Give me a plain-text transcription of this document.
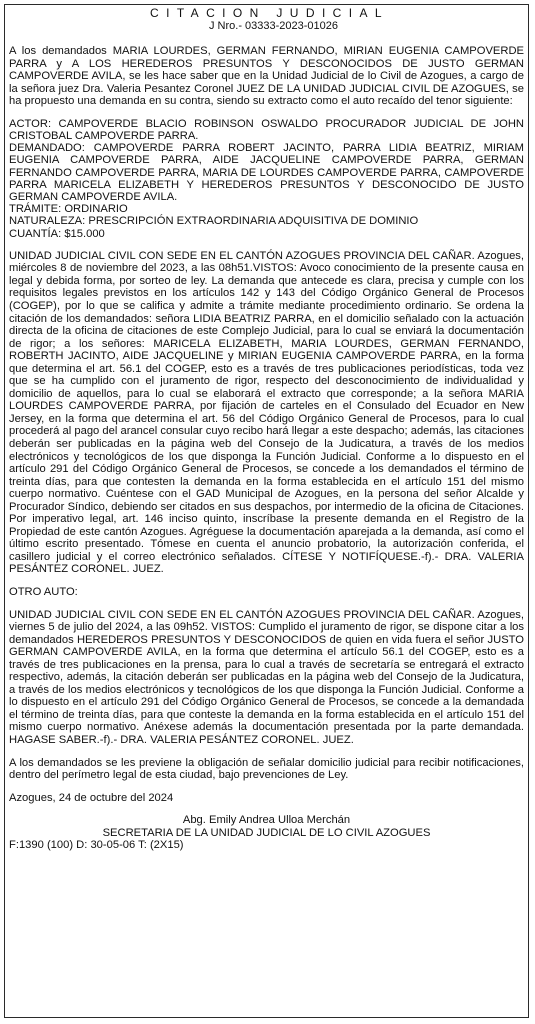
CITACION JUDICIAL

J Nro.- 03333-2023-01026

A los demandados MARIA LOURDES, GERMAN FERNANDO, MIRIAN EUGENIA CAMPOVERDE PARRA y A LOS HEREDEROS PRESUNTOS Y DESCONOCIDOS DE JUSTO GERMAN CAMPOVERDE AVILA, se les hace saber que en la Unidad Judicial de lo Civil de Azogues, a cargo de la señora juez Dra. Valeria Pesantez Coronel JUEZ DE LA UNIDAD JUDICIAL CIVIL DE AZOGUES, se ha propuesto una demanda en su contra, siendo su extracto como el auto recaído del tenor siguiente:

ACTOR: CAMPOVERDE BLACIO ROBINSON OSWALDO PROCURADOR JUDICIAL DE JOHN CRISTOBAL CAMPOVERDE PARRA.

DEMANDADO: CAMPOVERDE PARRA ROBERT JACINTO, PARRA LIDIA BEATRIZ, MIRIAM EUGENIA CAMPOVERDE PARRA, AIDE JACQUELINE CAMPOVERDE PARRA, GERMAN FERNANDO CAMPOVERDE PARRA, MARIA DE LOURDES CAMPOVERDE PARRA, CAMPOVERDE PARRA MARICELA ELIZABETH Y HEREDEROS PRESUNTOS Y DESCONOCIDO DE JUSTO GERMAN CAMPOVERDE AVILA.

TRÁMITE: ORDINARIO

NATURALEZA: PRESCRIPCIÓN EXTRAORDINARIA ADQUISITIVA DE DOMINIO

CUANTÍA: $15.000

UNIDAD JUDICIAL CIVIL CON SEDE EN EL CANTÓN AZOGUES PROVINCIA DEL CAÑAR. Azogues, miércoles 8 de noviembre del 2023, a las 08h51.VISTOS: Avoco conocimiento de la presente causa en legal y debida forma, por sorteo de ley. La demanda que antecede es clara, precisa y cumple con los requisitos legales previstos en los artículos 142 y 143 del Código Orgánico General de Procesos (COGEP), por lo que se califica y admite a trámite mediante procedimiento ordinario. Se ordena la citación de los demandados: señora LIDIA BEATRIZ PARRA, en el domicilio señalado con la actuación directa de la oficina de citaciones de este Complejo Judicial, para lo cual se enviará la documentación de rigor; a los señores: MARICELA ELIZABETH, MARIA LOURDES, GERMAN FERNANDO, ROBERTH JACINTO, AIDE JACQUELINE y MIRIAN EUGENIA CAMPOVERDE PARRA, en la forma que determina el art. 56.1 del COGEP, esto es a través de tres publicaciones periodísticas, toda vez que se ha cumplido con el juramento de rigor, respecto del desconocimiento de individualidad y domicilio de aquellos, para lo cual se elaborará el extracto que corresponde; a la señora MARIA LOURDES CAMPOVERDE PARRA, por fijación de carteles en el Consulado del Ecuador en New Jersey, en la forma que determina el art. 56 del Código Orgánico General de Procesos, para lo cual procederá al pago del arancel consular cuyo recibo hará llegar a este despacho; además, las citaciones deberán ser publicadas en la página web del Consejo de la Judicatura, a través de los medios electrónicos y tecnológicos de los que disponga la Función Judicial. Conforme a lo dispuesto en el artículo 291 del Código Orgánico General de Procesos, se concede a los demandados el término de treinta días, para que contesten la demanda en la forma establecida en el artículo 151 del mismo cuerpo normativo. Cuéntese con el GAD Municipal de Azogues, en la persona del señor Alcalde y Procurador Síndico, debiendo ser citados en sus despachos, por intermedio de la oficina de Citaciones. Por imperativo legal, art. 146 inciso quinto, inscríbase la presente demanda en el Registro de la Propiedad de este cantón Azogues. Agréguese la documentación aparejada a la demanda, así como el último escrito presentado. Tómese en cuenta el anuncio probatorio, la autorización conferida, el casillero judicial y el correo electrónico señalados. CÍTESE Y NOTIFÍQUESE.-f).- DRA. VALERIA PESÁNTEZ CORONEL. JUEZ.

OTRO AUTO:

UNIDAD JUDICIAL CIVIL CON SEDE EN EL CANTÓN AZOGUES PROVINCIA DEL CAÑAR. Azogues, viernes 5 de julio del 2024, a las 09h52. VISTOS: Cumplido el juramento de rigor, se dispone citar a los demandados HEREDEROS PRESUNTOS Y DESCONOCIDOS de quien en vida fuera el señor JUSTO GERMAN CAMPOVERDE AVILA, en la forma que determina el artículo 56.1 del COGEP, esto es a través de tres publicaciones en la prensa, para lo cual a través de secretaría se entregará el extracto respectivo, además, la citación deberán ser publicadas en la página web del Consejo de la Judicatura, a través de los medios electrónicos y tecnológicos de los que disponga la Función Judicial. Conforme a lo dispuesto en el artículo 291 del Código Orgánico General de Procesos, se concede a la demandada el término de treinta días, para que conteste la demanda en la forma establecida en el artículo 151 del mismo cuerpo normativo. Anéxese además la documentación presentada por la parte demandada. HAGASE SABER.-f).- DRA. VALERIA PESÁNTEZ CORONEL. JUEZ.

A los demandados se les previene la obligación de señalar domicilio judicial para recibir notificaciones, dentro del perímetro legal de esta ciudad, bajo prevenciones de Ley.

Azogues, 24 de octubre del 2024

Abg. Emily Andrea Ulloa Merchán

SECRETARIA DE LA UNIDAD JUDICIAL DE LO CIVIL AZOGUES

F:1390 (100) D: 30-05-06 T: (2X15)
